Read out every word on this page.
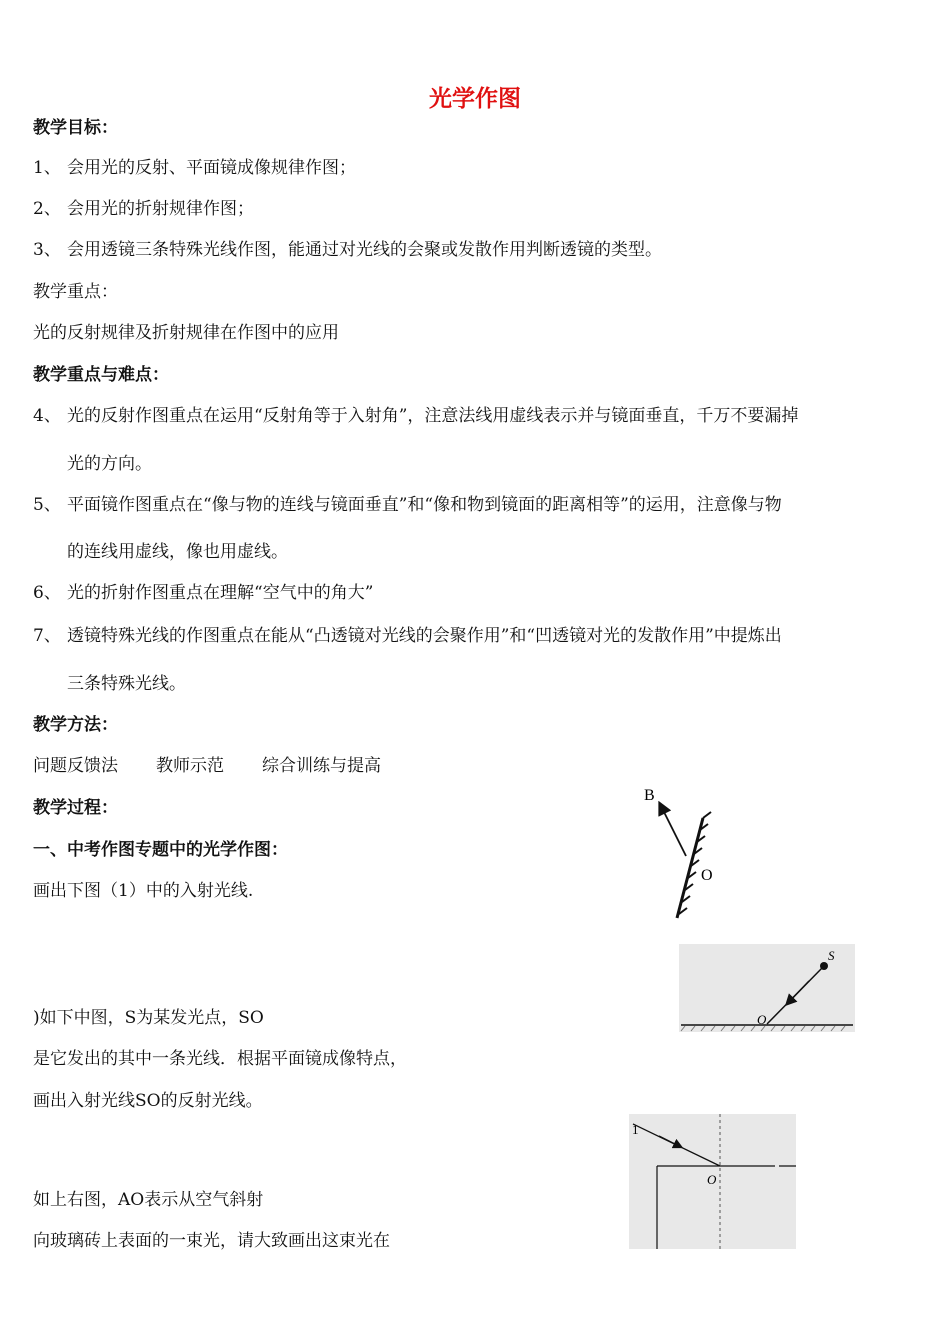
光学作图
教学目标：
1、 会用光的反射、平面镜成像规律作图；
2、 会用光的折射规律作图；
3、 会用透镜三条特殊光线作图，能通过对光线的会聚或发散作用判断透镜的类型。
教学重点：
光的反射规律及折射规律在作图中的应用
教学重点与难点：
4、 光的反射作图重点在运用“反射角等于入射角”，注意法线用虚线表示并与镜面垂直，千万不要漏掉
光的方向。
5、 平面镜作图重点在“像与物的连线与镜面垂直”和“像和物到镜面的距离相等”的运用，注意像与物
的连线用虚线，像也用虚线。
6、 光的折射作图重点在理解“空气中的角大”
7、 透镜特殊光线的作图重点在能从“凸透镜对光线的会聚作用”和“凹透镜对光的发散作用”中提炼出
三条特殊光线。
教学方法：
问题反馈法 教师示范 综合训练与提高
教学过程：
一、中考作图专题中的光学作图：
画出下图（1）中的入射光线.
)如下中图，S为某发光点，SO
是它发出的其中一条光线．根据平面镜成像特点，
画出入射光线SO的反射光线。
如上右图，AO表示从空气斜射
向玻璃砖上表面的一束光，请大致画出这束光在
B
O
S
O
1
O
